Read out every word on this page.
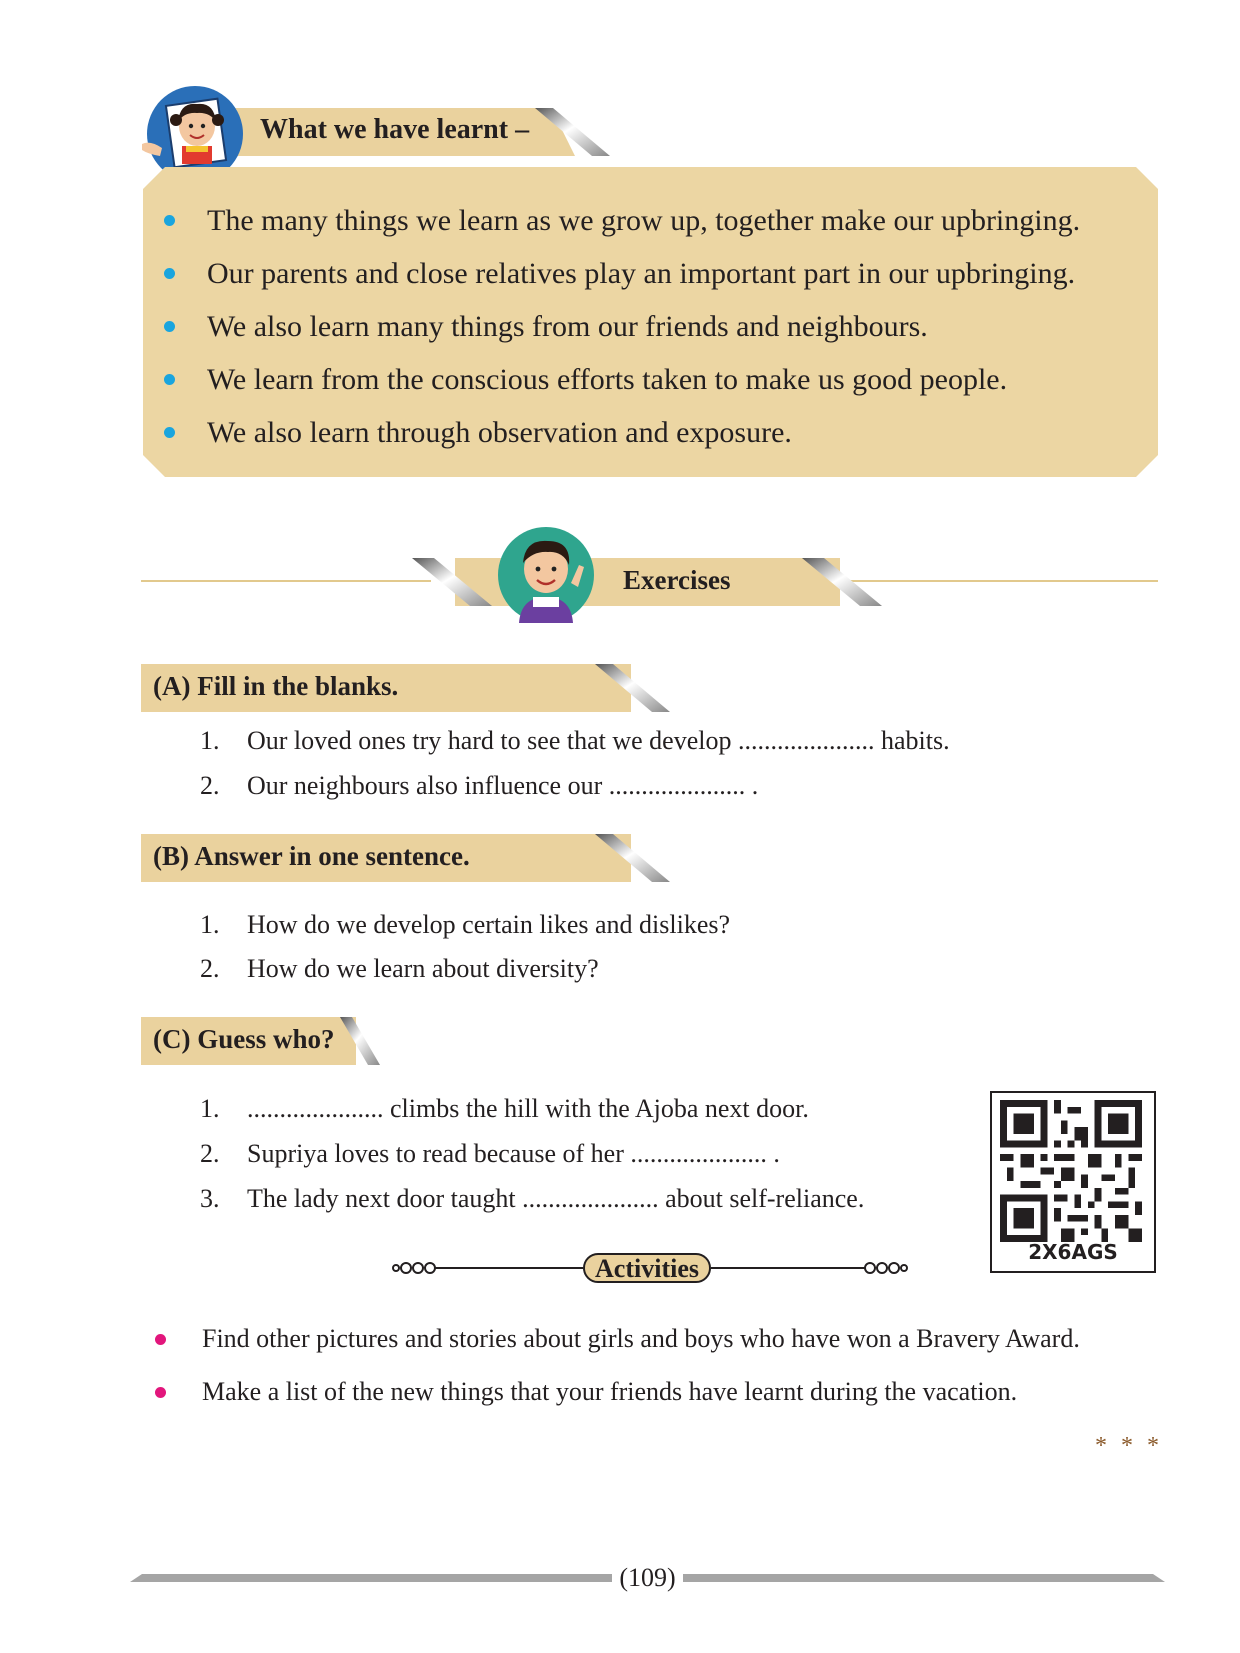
What we have learnt –
The many things we learn as we grow up, together make our upbringing.
Our parents and close relatives play an important part in our upbringing.
We also learn many things from our friends and neighbours.
We learn from the conscious efforts taken to make us good people.
We also learn through observation and exposure.
Exercises
(A) Fill in the blanks.
1. Our loved ones try hard to see that we develop ..................... habits.
2. Our neighbours also influence our ..................... .
(B) Answer in one sentence.
1. How do we develop certain likes and dislikes?
2. How do we learn about diversity?
(C) Guess who?
1. ..................... climbs the hill with the Ajoba next door.
2. Supriya loves to read because of her ..................... .
3. The lady next door taught ..................... about self-reliance.
2X6AGS
Activities
Find other pictures and stories about girls and boys who have won a Bravery Award.
Make a list of the new things that your friends have learnt during the vacation.
* * *
(109)
